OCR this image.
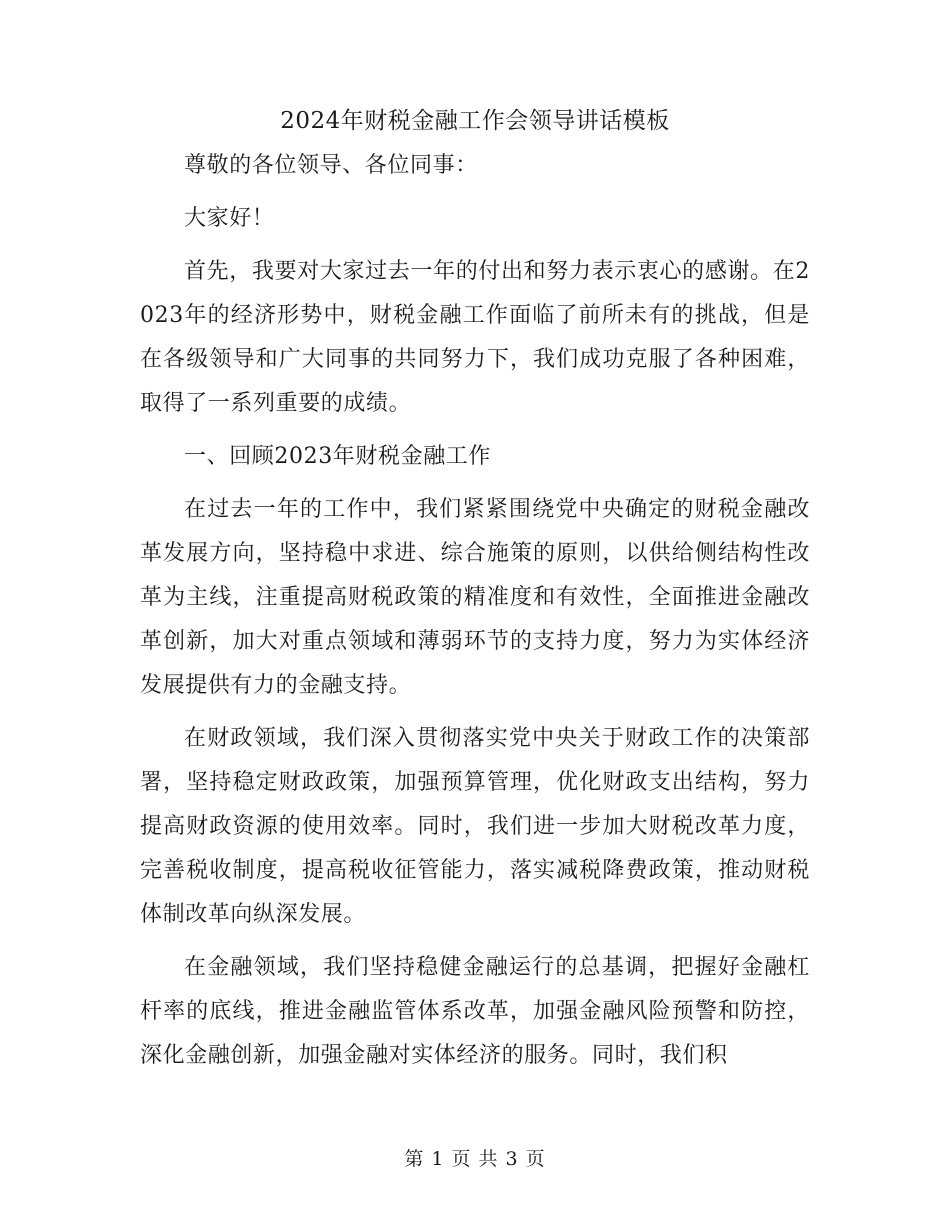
2024年财税金融工作会领导讲话模板

尊敬的各位领导、各位同事：

大家好！

首先，我要对大家过去一年的付出和努力表示衷心的感谢。在2023年的经济形势中，财税金融工作面临了前所未有的挑战，但是在各级领导和广大同事的共同努力下，我们成功克服了各种困难，取得了一系列重要的成绩。

一、回顾2023年财税金融工作

在过去一年的工作中，我们紧紧围绕党中央确定的财税金融改革发展方向，坚持稳中求进、综合施策的原则，以供给侧结构性改革为主线，注重提高财税政策的精准度和有效性，全面推进金融改革创新，加大对重点领域和薄弱环节的支持力度，努力为实体经济发展提供有力的金融支持。

在财政领域，我们深入贯彻落实党中央关于财政工作的决策部署，坚持稳定财政政策，加强预算管理，优化财政支出结构，努力提高财政资源的使用效率。同时，我们进一步加大财税改革力度，完善税收制度，提高税收征管能力，落实减税降费政策，推动财税体制改革向纵深发展。

在金融领域，我们坚持稳健金融运行的总基调，把握好金融杠杆率的底线，推进金融监管体系改革，加强金融风险预警和防控，深化金融创新，加强金融对实体经济的服务。同时，我们积

第 1 页 共 3 页
